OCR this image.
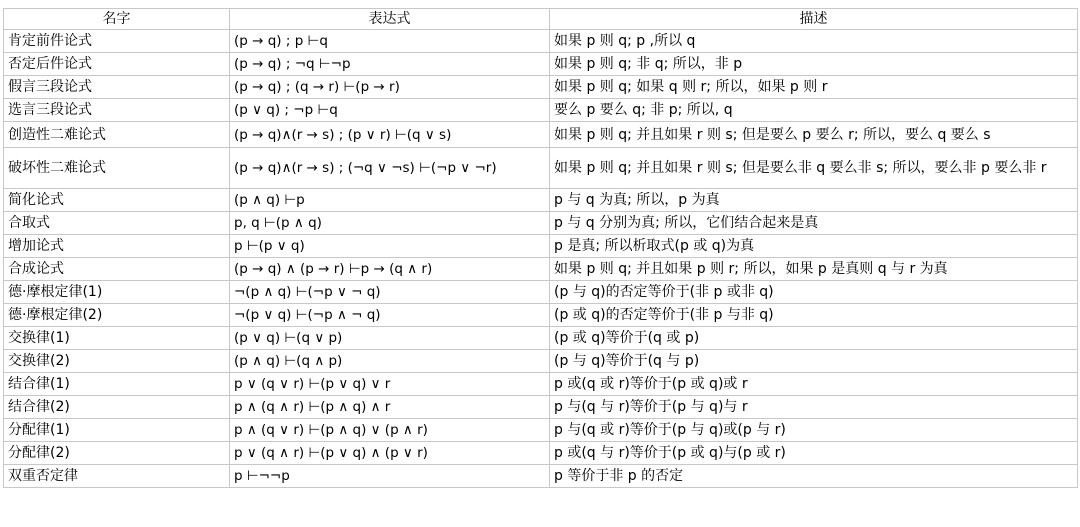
名字	表达式	描述
肯定前件论式	(p → q) ; p ⊢q	如果 p 则 q; p ,所以 q
否定后件论式	(p → q) ; ¬q ⊢¬p	如果 p 则 q; 非 q; 所以，非 p
假言三段论式	(p → q) ; (q → r) ⊢(p → r)	如果 p 则 q; 如果 q 则 r; 所以，如果 p 则 r
选言三段论式	(p ∨ q) ; ¬p ⊢q	要么 p 要么 q; 非 p; 所以, q
创造性二难论式	(p → q)∧(r → s) ; (p ∨ r) ⊢(q ∨ s)	如果 p 则 q; 并且如果 r 则 s; 但是要么 p 要么 r; 所以，要么 q 要么 s
破坏性二难论式	(p → q)∧(r → s) ; (¬q ∨ ¬s) ⊢(¬p ∨ ¬r)	如果 p 则 q; 并且如果 r 则 s; 但是要么非 q 要么非 s; 所以，要么非 p 要么非 r
简化论式	(p ∧ q) ⊢p	p 与 q 为真; 所以，p 为真
合取式	p, q ⊢(p ∧ q)	p 与 q 分别为真; 所以，它们结合起来是真
增加论式	p ⊢(p ∨ q)	p 是真; 所以析取式(p 或 q)为真
合成论式	(p → q) ∧ (p → r) ⊢p → (q ∧ r)	如果 p 则 q; 并且如果 p 则 r; 所以，如果 p 是真则 q 与 r 为真
德·摩根定律(1)	¬(p ∧ q) ⊢(¬p ∨ ¬ q)	(p 与 q)的否定等价于(非 p 或非 q)
德·摩根定律(2)	¬(p ∨ q) ⊢(¬p ∧ ¬ q)	(p 或 q)的否定等价于(非 p 与非 q)
交换律(1)	(p ∨ q) ⊢(q ∨ p)	(p 或 q)等价于(q 或 p)
交换律(2)	(p ∧ q) ⊢(q ∧ p)	(p 与 q)等价于(q 与 p)
结合律(1)	p ∨ (q ∨ r) ⊢(p ∨ q) ∨ r	p 或(q 或 r)等价于(p 或 q)或 r
结合律(2)	p ∧ (q ∧ r) ⊢(p ∧ q) ∧ r	p 与(q 与 r)等价于(p 与 q)与 r
分配律(1)	p ∧ (q ∨ r) ⊢(p ∧ q) ∨ (p ∧ r)	p 与(q 或 r)等价于(p 与 q)或(p 与 r)
分配律(2)	p ∨ (q ∧ r) ⊢(p ∨ q) ∧ (p ∨ r)	p 或(q 与 r)等价于(p 或 q)与(p 或 r)
双重否定律	p ⊢¬¬p	p 等价于非 p 的否定
